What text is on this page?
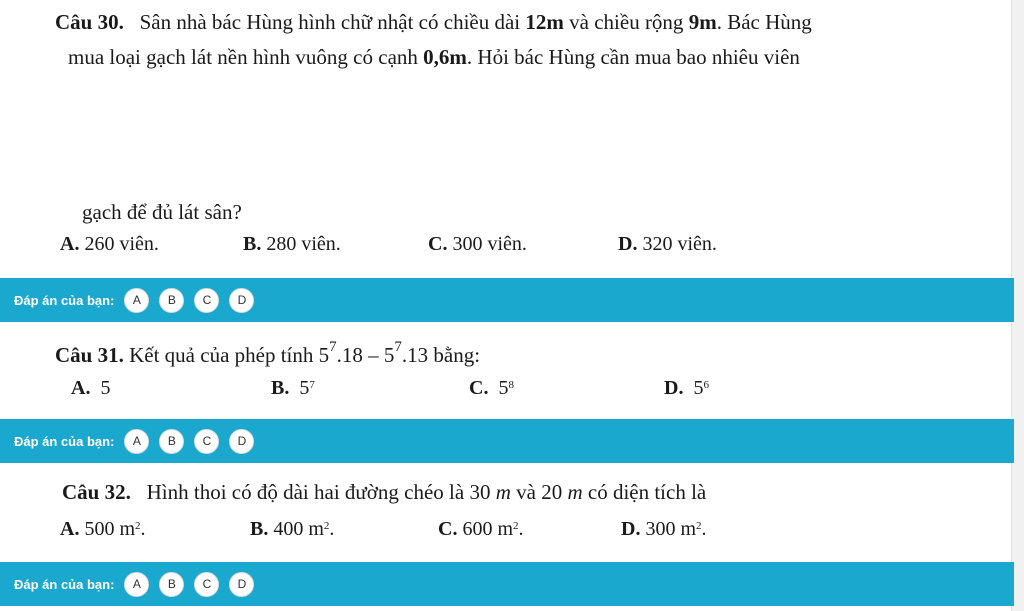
Câu 30. Sân nhà bác Hùng hình chữ nhật có chiều dài 12m và chiều rộng 9m. Bác Hùng
mua loại gạch lát nền hình vuông có cạnh 0,6m. Hỏi bác Hùng cần mua bao nhiêu viên
gạch để đủ lát sân?
A. 260 viên.	B. 280 viên.	C. 300 viên.	D. 320 viên.
Đáp án của bạn:	A	B	C	D
Câu 31. Kết quả của phép tính $5^7.18 - 5^7.13$ bằng:
A. 5	B. $5^7$	C. $5^8$	D. $5^6$
Đáp án của bạn:	A	B	C	D
Câu 32. Hình thoi có độ dài hai đường chéo là 30 m và 20 m có diện tích là
A. 500 $m^2$.	B. 400 $m^2$.	C. 600 $m^2$.	D. 300 $m^2$.
Đáp án của bạn:	A	B	C	D
